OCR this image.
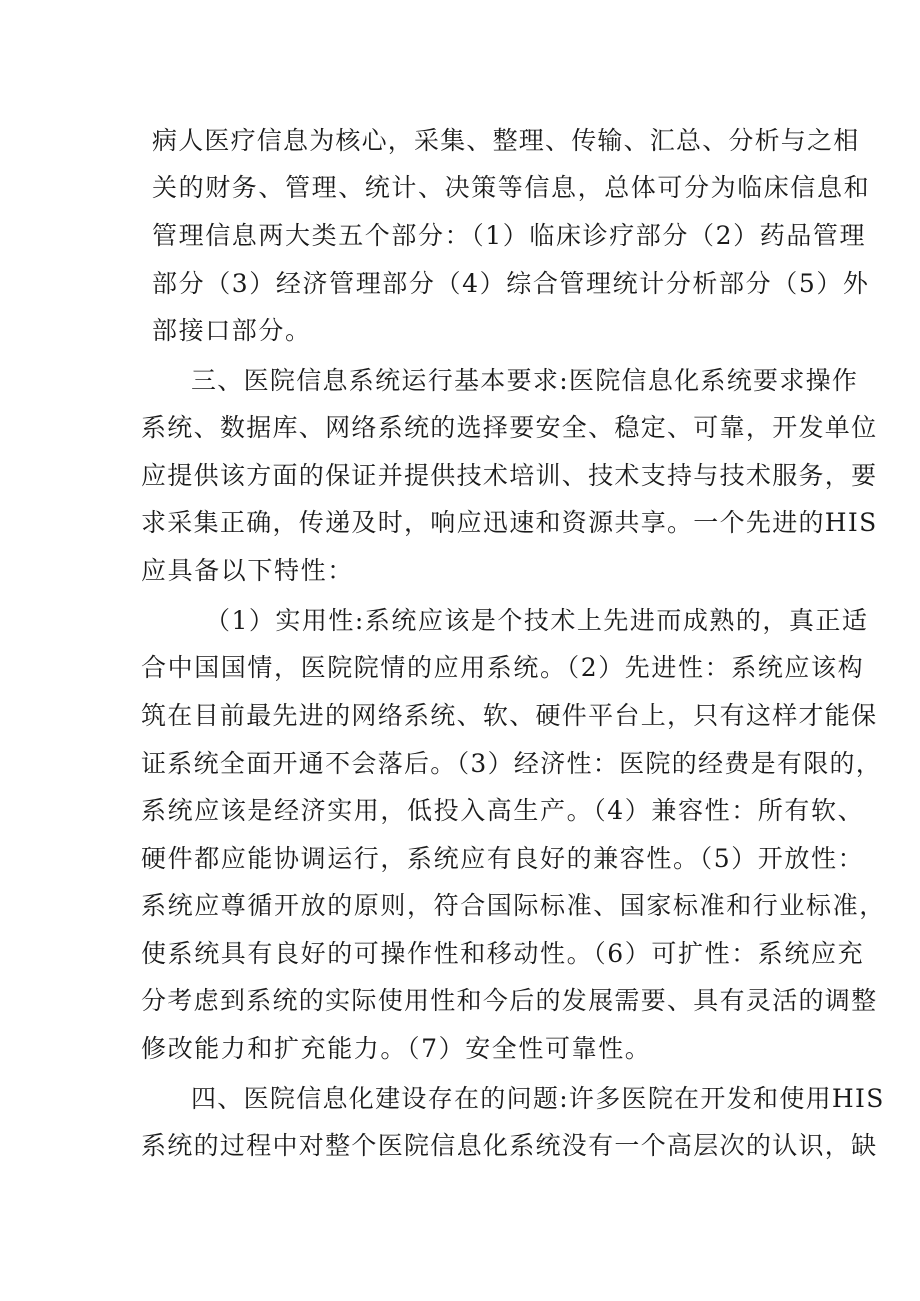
病人医疗信息为核心，采集、整理、传输、汇总、分析与之相
关的财务、管理、统计、决策等信息，总体可分为临床信息和
管理信息两大类五个部分：（1）临床诊疗部分（2）药品管理
部分（3）经济管理部分（4）综合管理统计分析部分（5）外
部接口部分。
三、医院信息系统运行基本要求:医院信息化系统要求操作
系统、数据库、网络系统的选择要安全、稳定、可靠，开发单位
应提供该方面的保证并提供技术培训、技术支持与技术服务，要
求采集正确，传递及时，响应迅速和资源共享。一个先进的HIS
应具备以下特性：
（1）实用性:系统应该是个技术上先进而成熟的，真正适
合中国国情，医院院情的应用系统。（2）先进性：系统应该构
筑在目前最先进的网络系统、软、硬件平台上，只有这样才能保
证系统全面开通不会落后。（3）经济性：医院的经费是有限的，
系统应该是经济实用，低投入高生产。（4）兼容性：所有软、
硬件都应能协调运行，系统应有良好的兼容性。（5）开放性：
系统应尊循开放的原则，符合国际标准、国家标准和行业标准，
使系统具有良好的可操作性和移动性。（6）可扩性：系统应充
分考虑到系统的实际使用性和今后的发展需要、具有灵活的调整
修改能力和扩充能力。（7）安全性可靠性。
四、医院信息化建设存在的问题:许多医院在开发和使用HIS
系统的过程中对整个医院信息化系统没有一个高层次的认识，缺
